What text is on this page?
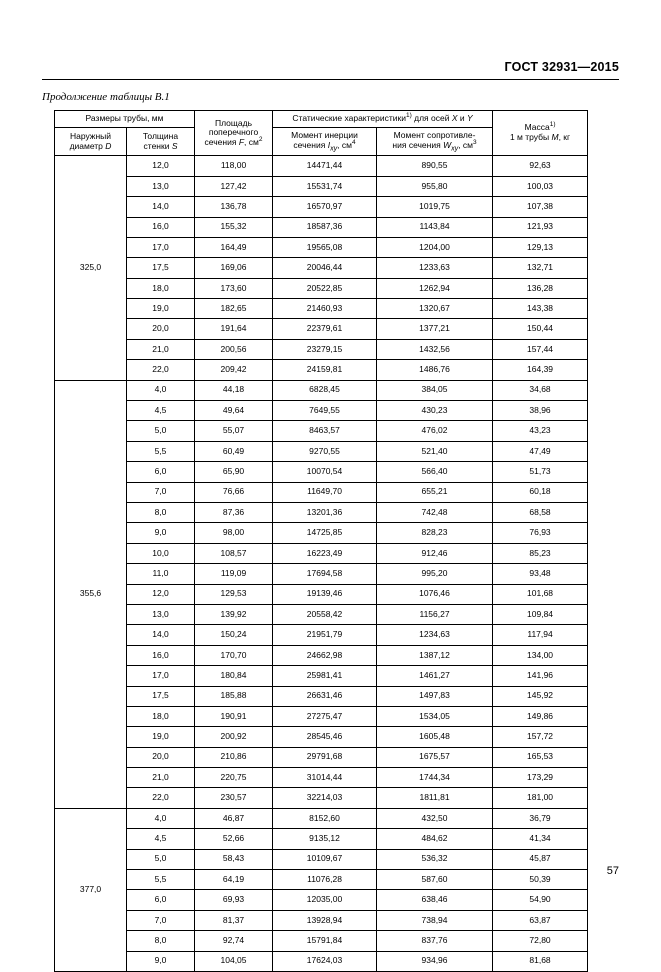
ГОСТ 32931—2015
Продолжение таблицы В.1
Размеры трубы, мм		Площадь
поперечного
сечения F, $см^2$	Статические характеристики$^{1)}$ для осей X и Y		Масса$^{1)}$
1 м трубы M, кг
Наружный
диаметр D	Толщина
стенки S		Момент инерции
сечения $I_{xy}$, $см^4$	Момент сопротивле-
ния сечения $W_{xy}$, $см^3$
325,0	12,0	118,00	14471,44	890,55	92,63
	13,0	127,42	15531,74	955,80	100,03
	14,0	136,78	16570,97	1019,75	107,38
	16,0	155,32	18587,36	1143,84	121,93
	17,0	164,49	19565,08	1204,00	129,13
	17,5	169,06	20046,44	1233,63	132,71
	18,0	173,60	20522,85	1262,94	136,28
	19,0	182,65	21460,93	1320,67	143,38
	20,0	191,64	22379,61	1377,21	150,44
	21,0	200,56	23279,15	1432,56	157,44
	22,0	209,42	24159,81	1486,76	164,39
355,6	4,0	44,18	6828,45	384,05	34,68
	4,5	49,64	7649,55	430,23	38,96
	5,0	55,07	8463,57	476,02	43,23
	5,5	60,49	9270,55	521,40	47,49
	6,0	65,90	10070,54	566,40	51,73
	7,0	76,66	11649,70	655,21	60,18
	8,0	87,36	13201,36	742,48	68,58
	9,0	98,00	14725,85	828,23	76,93
	10,0	108,57	16223,49	912,46	85,23
	11,0	119,09	17694,58	995,20	93,48
	12,0	129,53	19139,46	1076,46	101,68
	13,0	139,92	20558,42	1156,27	109,84
	14,0	150,24	21951,79	1234,63	117,94
	16,0	170,70	24662,98	1387,12	134,00
	17,0	180,84	25981,41	1461,27	141,96
	17,5	185,88	26631,46	1497,83	145,92
	18,0	190,91	27275,47	1534,05	149,86
	19,0	200,92	28545,46	1605,48	157,72
	20,0	210,86	29791,68	1675,57	165,53
	21,0	220,75	31014,44	1744,34	173,29
	22,0	230,57	32214,03	1811,81	181,00
377,0	4,0	46,87	8152,60	432,50	36,79
	4,5	52,66	9135,12	484,62	41,34
	5,0	58,43	10109,67	536,32	45,87
	5,5	64,19	11076,28	587,60	50,39
	6,0	69,93	12035,00	638,46	54,90
	7,0	81,37	13928,94	738,94	63,87
	8,0	92,74	15791,84	837,76	72,80
	9,0	104,05	17624,03	934,96	81,68
57
